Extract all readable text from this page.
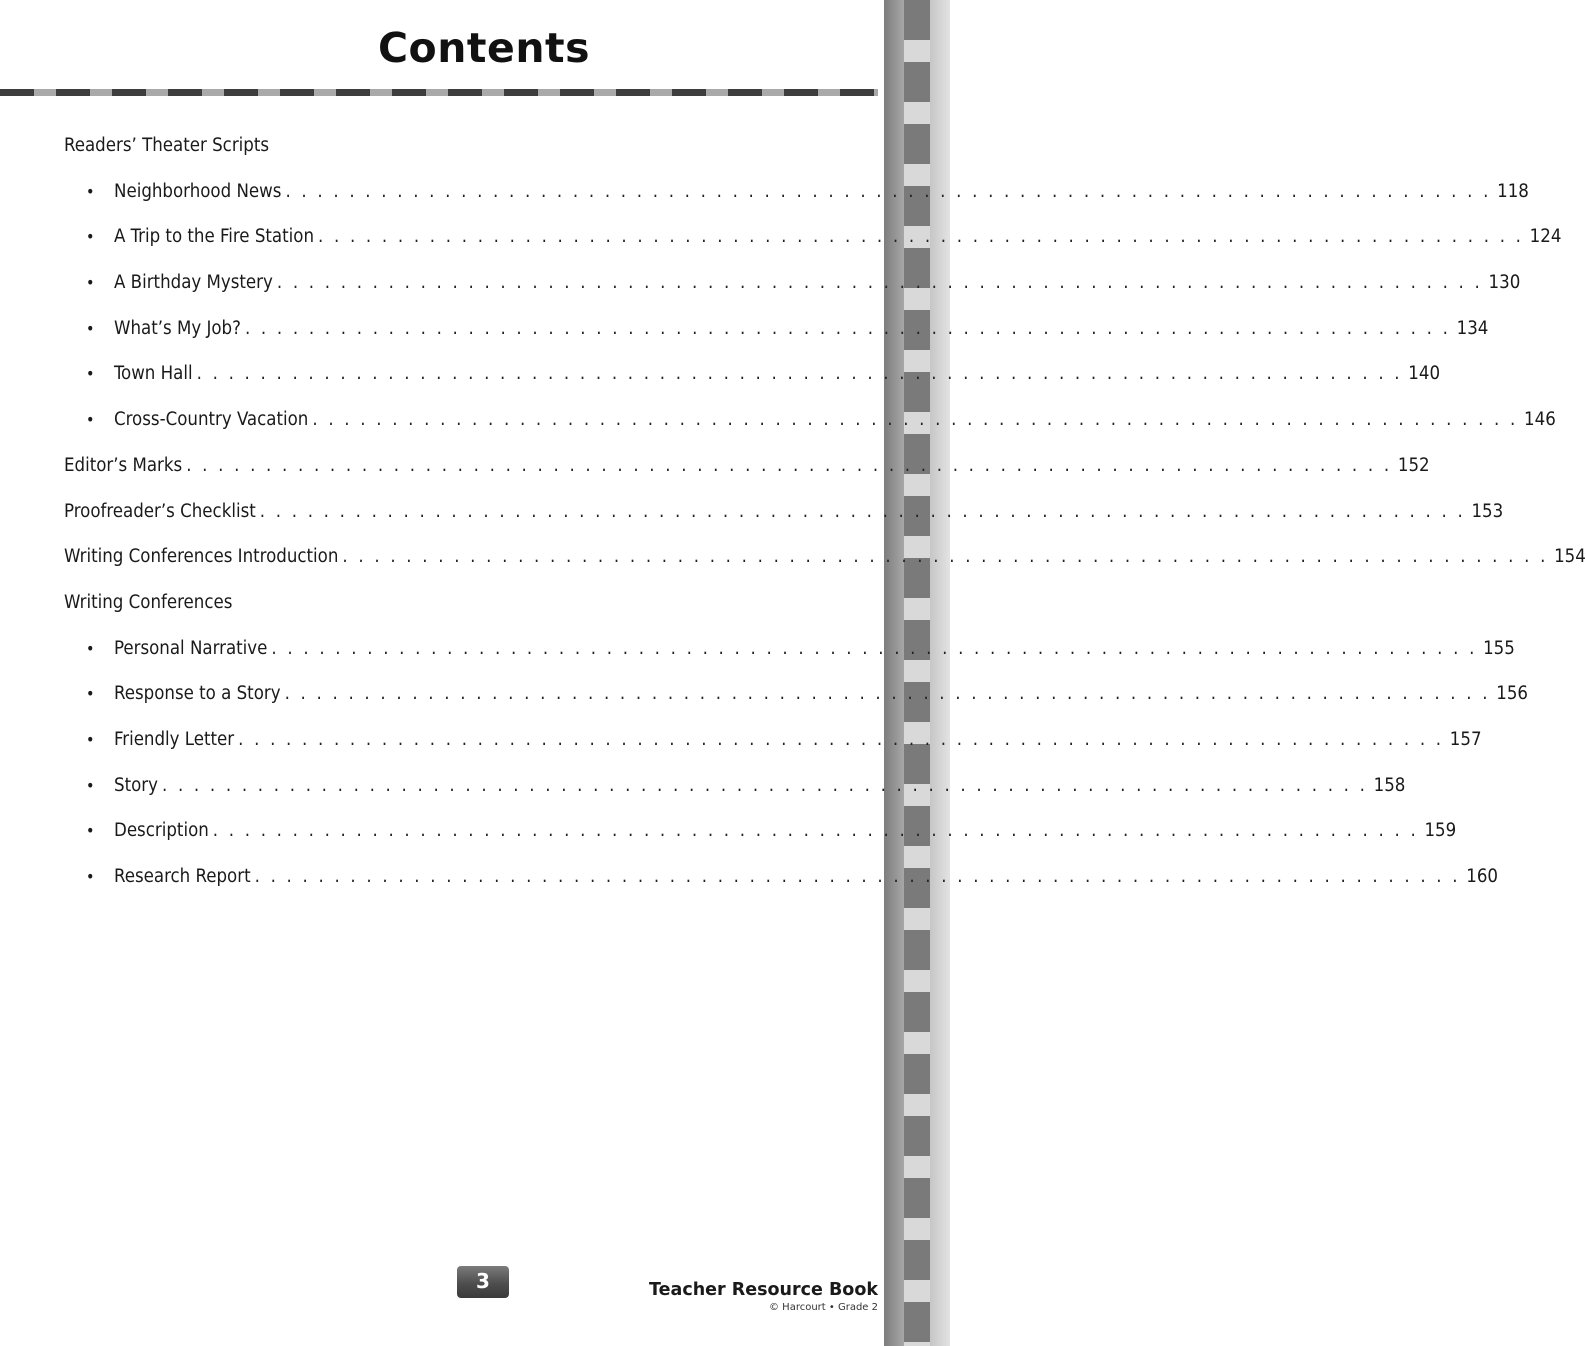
Contents
Readers’ Theater Scripts
•	Neighborhood News . . . . . . . . . . . . . . . . . . . . . . . . . . . . . . . . . . . . . . . . . . . . . . . . . . . . . . . . . . . . . . . . . . . . . . . . . . . . 118
•	A Trip to the Fire Station . . . . . . . . . . . . . . . . . . . . . . . . . . . . . . . . . . . . . . . . . . . . . . . . . . . . . . . . . . . . . . . . . . . . . . . . . . . . 124
•	A Birthday Mystery . . . . . . . . . . . . . . . . . . . . . . . . . . . . . . . . . . . . . . . . . . . . . . . . . . . . . . . . . . . . . . . . . . . . . . . . . . . . 130
•	What’s My Job? . . . . . . . . . . . . . . . . . . . . . . . . . . . . . . . . . . . . . . . . . . . . . . . . . . . . . . . . . . . . . . . . . . . . . . . . . . . . 134
•	Town Hall . . . . . . . . . . . . . . . . . . . . . . . . . . . . . . . . . . . . . . . . . . . . . . . . . . . . . . . . . . . . . . . . . . . . . . . . . . . . 140
•	Cross-Country Vacation . . . . . . . . . . . . . . . . . . . . . . . . . . . . . . . . . . . . . . . . . . . . . . . . . . . . . . . . . . . . . . . . . . . . . . . . . . . . 146
Editor’s Marks . . . . . . . . . . . . . . . . . . . . . . . . . . . . . . . . . . . . . . . . . . . . . . . . . . . . . . . . . . . . . . . . . . . . . . . . . . . . 152
Proofreader’s Checklist . . . . . . . . . . . . . . . . . . . . . . . . . . . . . . . . . . . . . . . . . . . . . . . . . . . . . . . . . . . . . . . . . . . . . . . . . . . . 153
Writing Conferences Introduction . . . . . . . . . . . . . . . . . . . . . . . . . . . . . . . . . . . . . . . . . . . . . . . . . . . . . . . . . . . . . . . . . . . . . . . . . . . . 154
Writing Conferences
•	Personal Narrative . . . . . . . . . . . . . . . . . . . . . . . . . . . . . . . . . . . . . . . . . . . . . . . . . . . . . . . . . . . . . . . . . . . . . . . . . . . . 155
•	Response to a Story . . . . . . . . . . . . . . . . . . . . . . . . . . . . . . . . . . . . . . . . . . . . . . . . . . . . . . . . . . . . . . . . . . . . . . . . . . . . 156
•	Friendly Letter . . . . . . . . . . . . . . . . . . . . . . . . . . . . . . . . . . . . . . . . . . . . . . . . . . . . . . . . . . . . . . . . . . . . . . . . . . . . 157
•	Story . . . . . . . . . . . . . . . . . . . . . . . . . . . . . . . . . . . . . . . . . . . . . . . . . . . . . . . . . . . . . . . . . . . . . . . . . . . . 158
•	Description . . . . . . . . . . . . . . . . . . . . . . . . . . . . . . . . . . . . . . . . . . . . . . . . . . . . . . . . . . . . . . . . . . . . . . . . . . . . 159
•	Research Report . . . . . . . . . . . . . . . . . . . . . . . . . . . . . . . . . . . . . . . . . . . . . . . . . . . . . . . . . . . . . . . . . . . . . . . . . . . . 160
3	Teacher Resource Book
© Harcourt • Grade 2
